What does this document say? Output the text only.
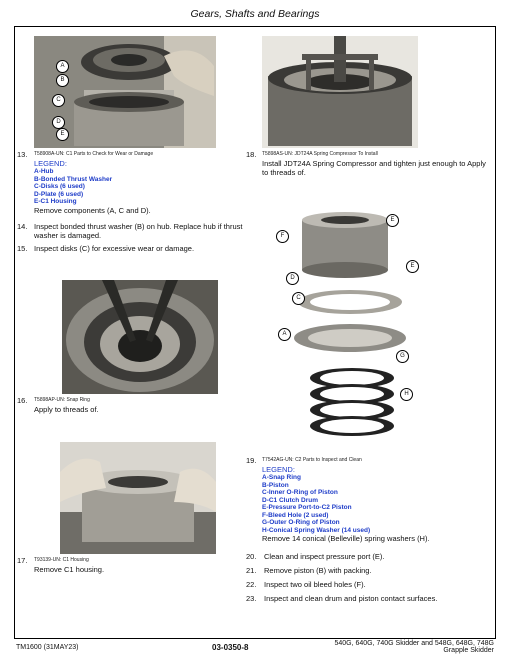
Gears, Shafts and Bearings
A
B
C
D
E
13. T58908A-UN: C1 Parts to Check for Wear or Damage
LEGEND:
A-Hub
B-Bonded Thrust Washer
C-Disks (6 used)
D-Plate (6 used)
E-C1 Housing
Remove components (A, C and D).
14. Inspect bonded thrust washer (B) on hub. Replace hub if thrust washer is damaged.
15. Inspect disks (C) for excessive wear or damage.
16. T5898AP-UN: Snap Ring
Apply to threads of.
17. T93139-UN: C1 Housing
Remove C1 housing.
18. T5898AS-UN: JDT24A Spring Compressor To Install
Install JDT24A Spring Compressor and tighten just enough to Apply to threads of.
E
E
F
D
C
A
G
H
19. T7542AG-UN: C2 Parts to Inspect and Clean
LEGEND:
A-Snap Ring
B-Piston
C-Inner O-Ring of Piston
D-C1 Clutch Drum
E-Pressure Port-to-C2 Piston
F-Bleed Hole (2 used)
G-Outer O-Ring of Piston
H-Conical Spring Washer (14 used)
Remove 14 conical (Belleville) spring washers (H).
20. Clean and inspect pressure port (E).
21. Remove piston (B) with packing.
22. Inspect two oil bleed holes (F).
23. Inspect and clean drum and piston contact surfaces.
TM1600 (31MAY23)	03-0350-8	540G, 640G, 740G Skidder and 548G, 648G, 748G
Grapple Skidder
